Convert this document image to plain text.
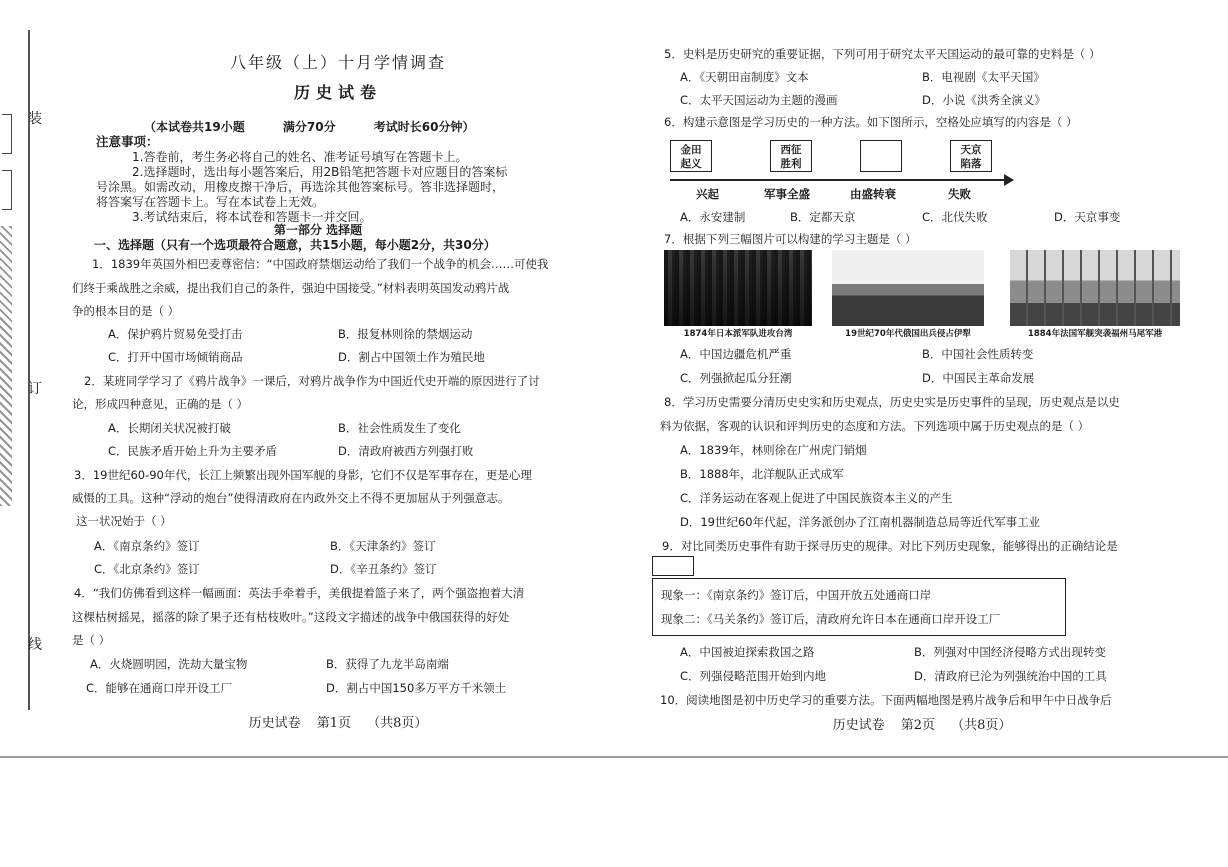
装
订
线
八年级（上）十月学情调查
历史试卷
（本试卷共19小题	满分70分	考试时长60分钟）
注意事项：
1.答卷前，考生务必将自己的姓名、准考证号填写在答题卡上。
2.选择题时，选出每小题答案后，用2B铅笔把答题卡对应题目的答案标
号涂黑。如需改动，用橡皮擦干净后，再选涂其他答案标号。答非选择题时，
将答案写在答题卡上。写在本试卷上无效。
3.考试结束后，将本试卷和答题卡一并交回。
第一部分 选择题
一、选择题（只有一个选项最符合题意，共15小题，每小题2分，共30分）
1．1839年英国外相巴麦尊密信：“中国政府禁烟运动给了我们一个战争的机会……可使我
们终于乘战胜之余威，提出我们自己的条件，强迫中国接受。”材料表明英国发动鸦片战
争的根本目的是（ ）
A．保护鸦片贸易免受打击	B．报复林则徐的禁烟运动
C．打开中国市场倾销商品	D．割占中国领土作为殖民地
2．某班同学学习了《鸦片战争》一课后，对鸦片战争作为中国近代史开端的原因进行了讨
论，形成四种意见，正确的是（ ）
A．长期闭关状况被打破	B．社会性质发生了变化
C．民族矛盾开始上升为主要矛盾	D．清政府被西方列强打败
3．19世纪60-90年代，长江上频繁出现外国军舰的身影，它们不仅是军事存在，更是心理
威慑的工具。这种“浮动的炮台”使得清政府在内政外交上不得不更加屈从于列强意志。
这一状况始于（ ）
A．《南京条约》签订	B．《天津条约》签订
C．《北京条约》签订	D．《辛丑条约》签订
4．“我们仿佛看到这样一幅画面：英法手牵着手，美俄提着篮子来了，两个强盗抱着大清
这棵枯树摇晃，摇落的除了果子还有枯枝败叶。”这段文字描述的战争中俄国获得的好处
是（ ）
A．火烧圆明园，洗劫大量宝物	B．获得了九龙半岛南端
C．能够在通商口岸开设工厂	D．割占中国150多万平方千米领土
历史试卷 第1页 （共8页）
5．史料是历史研究的重要证据，下列可用于研究太平天国运动的最可靠的史料是（ ）
A．《天朝田亩制度》文本	B．电视剧《太平天国》
C．太平天国运动为主题的漫画	D．小说《洪秀全演义》
6．构建示意图是学习历史的一种方法。如下图所示，空格处应填写的内容是（ ）
金田
起义
西征
胜利
天京
陷落
兴起	军事全盛	由盛转衰	失败
A．永安建制	B．定都天京	C．北伐失败	D．天京事变
7．根据下列三幅图片可以构建的学习主题是（ ）
1874年日本派军队进攻台湾	19世纪70年代俄国出兵侵占伊犁	1884年法国军舰突袭福州马尾军港
A．中国边疆危机严重	B．中国社会性质转变
C．列强掀起瓜分狂潮	D．中国民主革命发展
8．学习历史需要分清历史史实和历史观点，历史史实是历史事件的呈现，历史观点是以史
料为依据，客观的认识和评判历史的态度和方法。下列选项中属于历史观点的是（ ）
A．1839年，林则徐在广州虎门销烟
B．1888年，北洋舰队正式成军
C．洋务运动在客观上促进了中国民族资本主义的产生
D．19世纪60年代起，洋务派创办了江南机器制造总局等近代军事工业
9．对比同类历史事件有助于探寻历史的规律。对比下列历史现象，能够得出的正确结论是
现象一：《南京条约》签订后，中国开放五处通商口岸
现象二：《马关条约》签订后，清政府允许日本在通商口岸开设工厂
A．中国被迫探索救国之路	B．列强对中国经济侵略方式出现转变
C．列强侵略范围开始到内地	D．清政府已沦为列强统治中国的工具
10．阅读地图是初中历史学习的重要方法。下面两幅地图是鸦片战争后和甲午中日战争后
历史试卷 第2页 （共8页）
